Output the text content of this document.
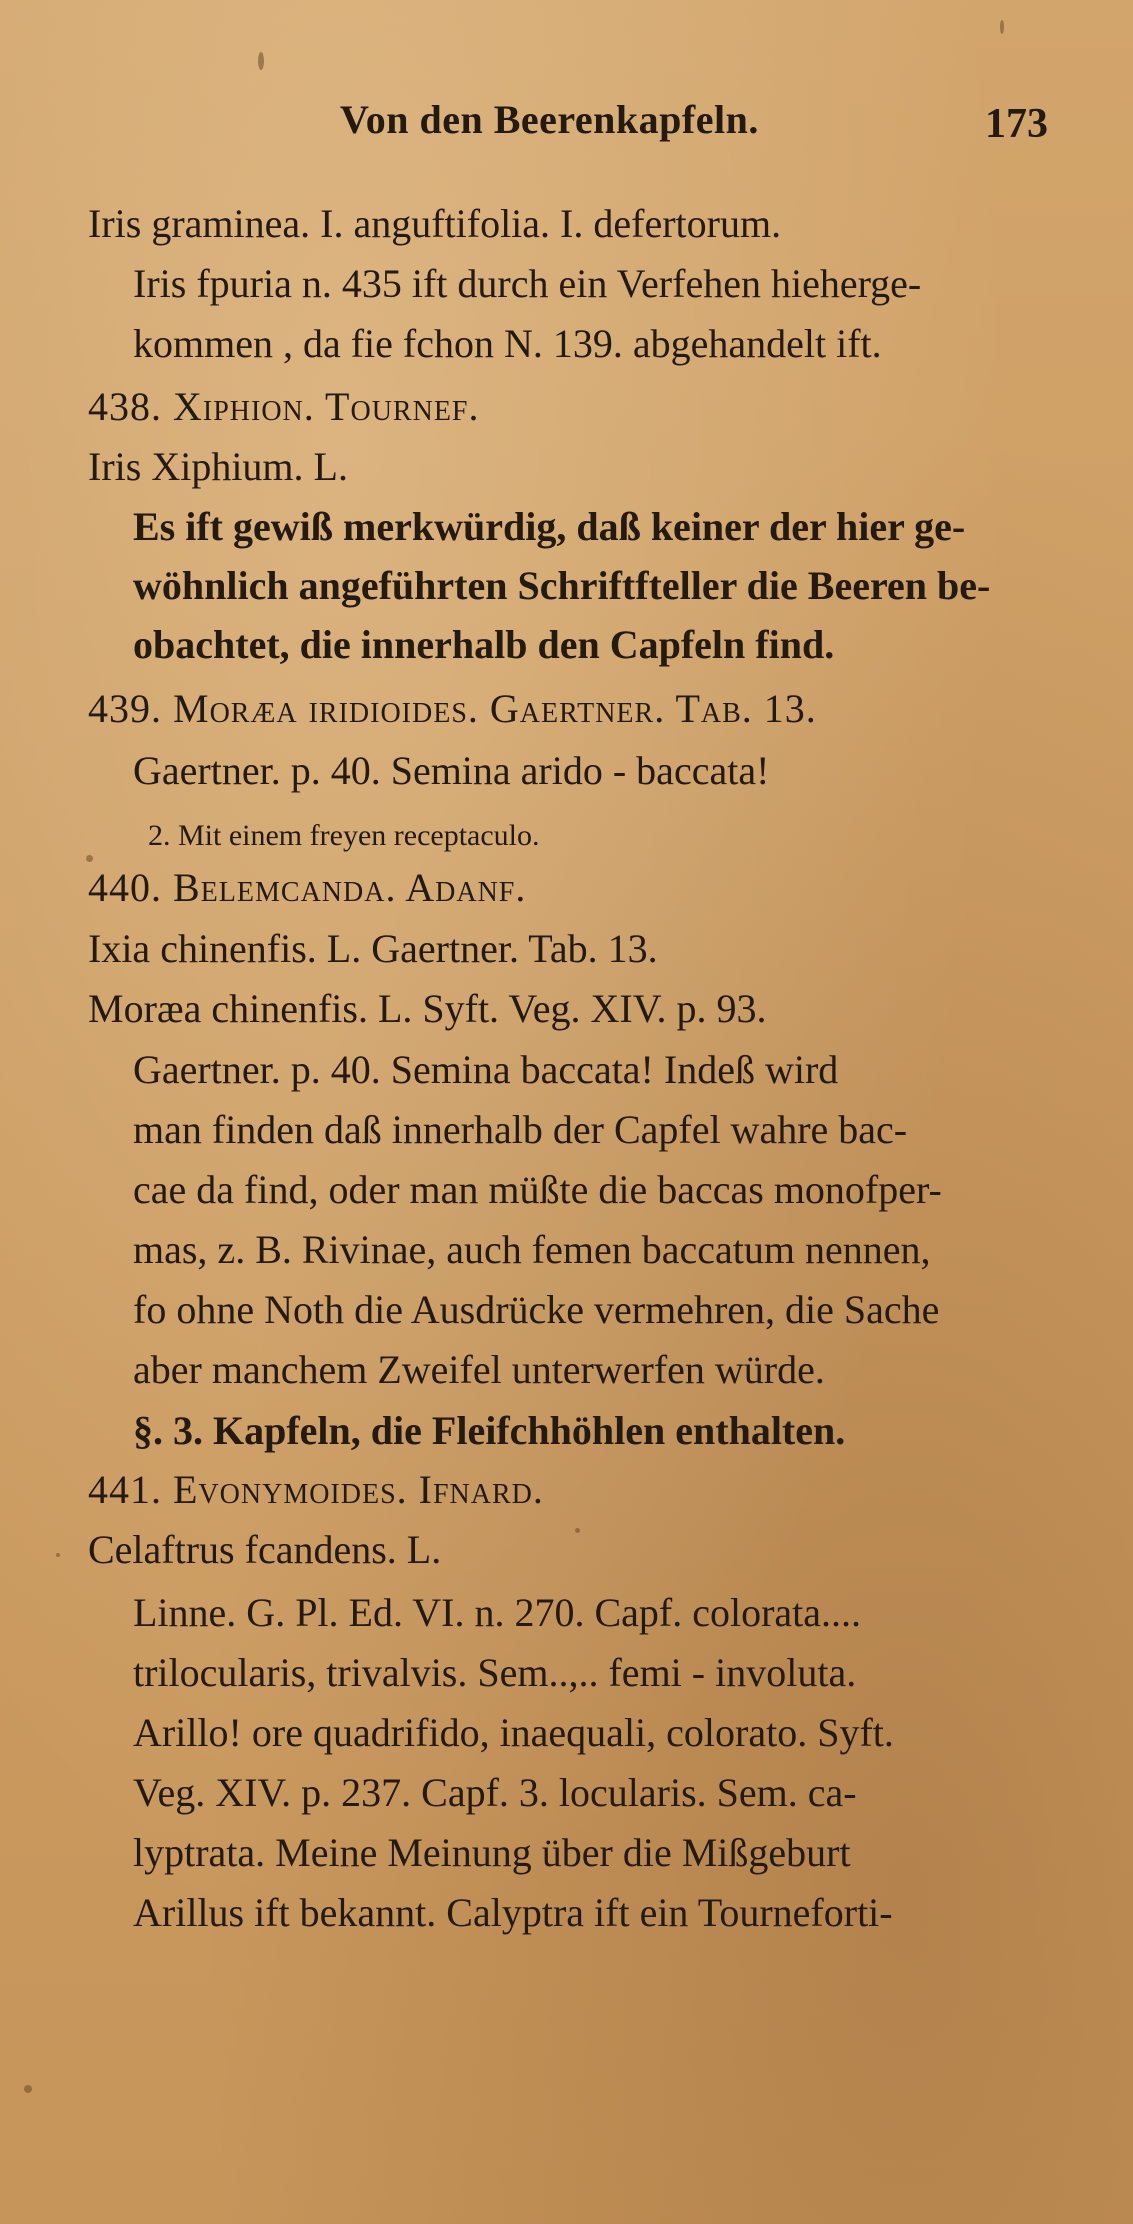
Von den Beerenkapfeln.	173
Iris graminea. I. anguftifolia. I. defertorum.
Iris fpuria n. 435 ift durch ein Verfehen hieherge-
kommen , da fie fchon N. 139. abgehandelt ift.
438. Xiphion. Tournef.
Iris Xiphium. L.
Es ift gewiß merkwürdig, daß keiner der hier ge-
wöhnlich angeführten Schriftfteller die Beeren be-
obachtet, die innerhalb den Capfeln find.
439. Moræa iridioides. Gaertner. Tab. 13.
Gaertner. p. 40. Semina arido - baccata!
2. Mit einem freyen receptaculo.
440. Belemcanda. Adanf.
Ixia chinenfis. L. Gaertner. Tab. 13.
Moræa chinenfis. L. Syft. Veg. XIV. p. 93.
Gaertner. p. 40. Semina baccata! Indeß wird
man finden daß innerhalb der Capfel wahre bac-
cae da find, oder man müßte die baccas monofper-
mas, z. B. Rivinae, auch femen baccatum nennen,
fo ohne Noth die Ausdrücke vermehren, die Sache
aber manchem Zweifel unterwerfen würde.
§. 3. Kapfeln, die Fleifchhöhlen enthalten.
441. Evonymoides. Ifnard.
Celaftrus fcandens. L.
Linne. G. Pl. Ed. VI. n. 270. Capf. colorata....
trilocularis, trivalvis. Sem..,.. femi - involuta.
Arillo! ore quadrifido, inaequali, colorato. Syft.
Veg. XIV. p. 237. Capf. 3. locularis. Sem. ca-
lyptrata. Meine Meinung über die Mißgeburt
Arillus ift bekannt. Calyptra ift ein Tourneforti-
